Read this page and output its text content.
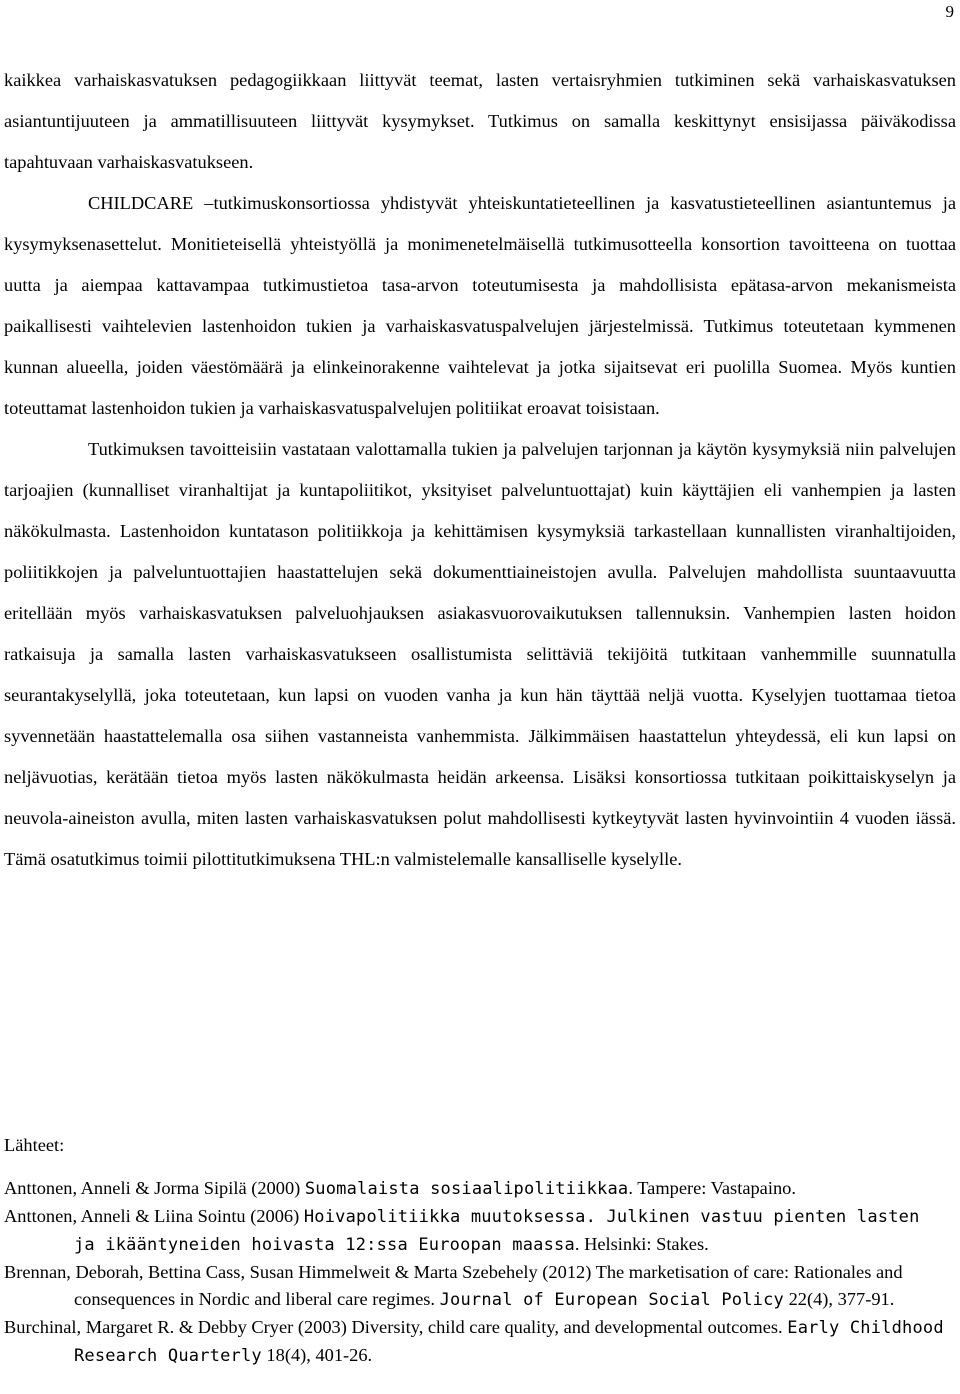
9

kaikkea varhaiskasvatuksen pedagogiikkaan liittyvät teemat, lasten vertaisryhmien tutkiminen sekä varhaiskasvatuksen asiantuntijuuteen ja ammatillisuuteen liittyvät kysymykset. Tutkimus on samalla keskittynyt ensisijassa päiväkodissa tapahtuvaan varhaiskasvatukseen.

CHILDCARE –tutkimuskonsortiossa yhdistyvät yhteiskuntatieteellinen ja kasvatustieteellinen asiantuntemus ja kysymyksenasettelut. Monitieteisellä yhteistyöllä ja monimenetelmäisellä tutkimusotteella konsortion tavoitteena on tuottaa uutta ja aiempaa kattavampaa tutkimustietoa tasa-arvon toteutumisesta ja mahdollisista epätasa-arvon mekanismeista paikallisesti vaihtelevien lastenhoidon tukien ja varhaiskasvatuspalvelujen järjestelmissä. Tutkimus toteutetaan kymmenen kunnan alueella, joiden väestömäärä ja elinkeinorakenne vaihtelevat ja jotka sijaitsevat eri puolilla Suomea. Myös kuntien toteuttamat lastenhoidon tukien ja varhaiskasvatuspalvelujen politiikat eroavat toisistaan.

Tutkimuksen tavoitteisiin vastataan valottamalla tukien ja palvelujen tarjonnan ja käytön kysymyksiä niin palvelujen tarjoajien (kunnalliset viranhaltijat ja kuntapoliitikot, yksityiset palveluntuottajat) kuin käyttäjien eli vanhempien ja lasten näkökulmasta. Lastenhoidon kuntatason politiikkoja ja kehittämisen kysymyksiä tarkastellaan kunnallisten viranhaltijoiden, poliitikkojen ja palveluntuottajien haastattelujen sekä dokumenttiaineistojen avulla. Palvelujen mahdollista suuntaavuutta eritellään myös varhaiskasvatuksen palveluohjauksen asiakasvuorovaikutuksen tallennuksin. Vanhempien lasten hoidon ratkaisuja ja samalla lasten varhaiskasvatukseen osallistumista selittäviä tekijöitä tutkitaan vanhemmille suunnatulla seurantakyselyllä, joka toteutetaan, kun lapsi on vuoden vanha ja kun hän täyttää neljä vuotta. Kyselyjen tuottamaa tietoa syvennetään haastattelemalla osa siihen vastanneista vanhemmista. Jälkimmäisen haastattelun yhteydessä, eli kun lapsi on neljävuotias, kerätään tietoa myös lasten näkökulmasta heidän arkeensa. Lisäksi konsortiossa tutkitaan poikittaiskyselyn ja neuvola-aineiston avulla, miten lasten varhaiskasvatuksen polut mahdollisesti kytkeytyvät lasten hyvinvointiin 4 vuoden iässä. Tämä osatutkimus toimii pilottitutkimuksena THL:n valmistelemalle kansalliselle kyselylle.

Lähteet:

Anttonen, Anneli & Jorma Sipilä (2000) Suomalaista sosiaalipolitiikkaa. Tampere: Vastapaino.

Anttonen, Anneli & Liina Sointu (2006) Hoivapolitiikka muutoksessa. Julkinen vastuu pienten lasten ja ikääntyneiden hoivasta 12:ssa Euroopan maassa. Helsinki: Stakes.

Brennan, Deborah, Bettina Cass, Susan Himmelweit & Marta Szebehely (2012) The marketisation of care: Rationales and consequences in Nordic and liberal care regimes. Journal of European Social Policy 22(4), 377-91.

Burchinal, Margaret R. & Debby Cryer (2003) Diversity, child care quality, and developmental outcomes. Early Childhood Research Quarterly 18(4), 401-26.
